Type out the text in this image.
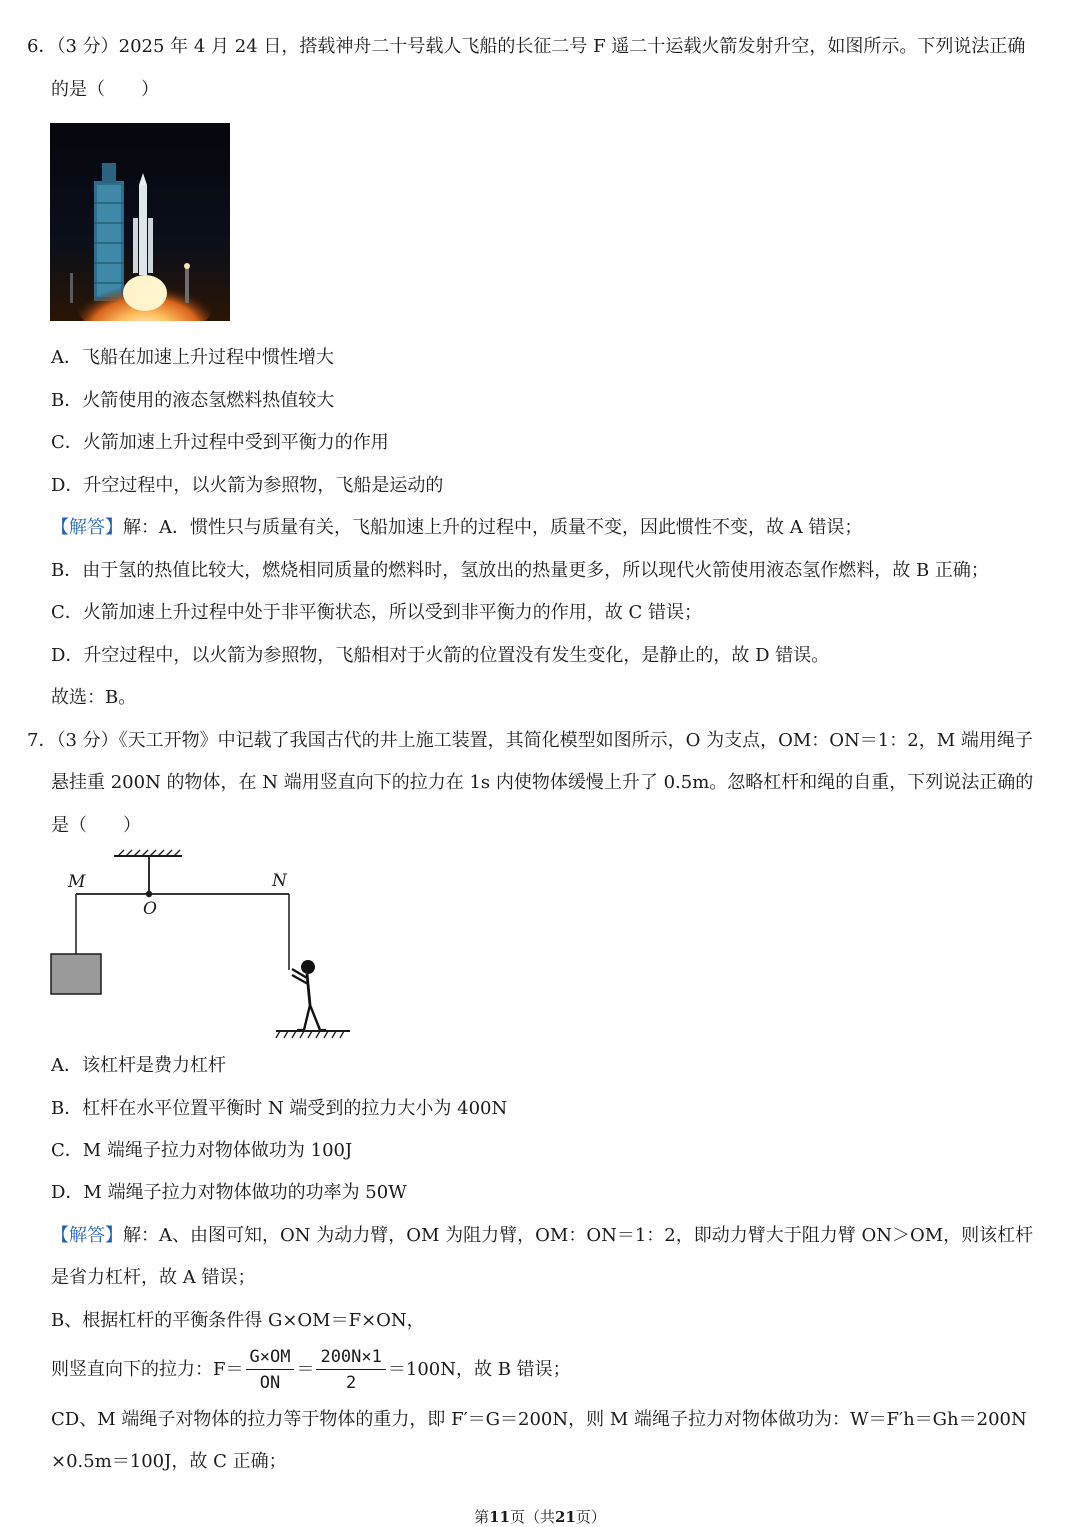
6．（3 分）2025 年 4 月 24 日，搭载神舟二十号载人飞船的长征二号 F 遥二十运载火箭发射升空，如图所示。下列说法正确
的是（　　）
A．飞船在加速上升过程中惯性增大
B．火箭使用的液态氢燃料热值较大
C．火箭加速上升过程中受到平衡力的作用
D．升空过程中，以火箭为参照物，飞船是运动的
【解答】解：A．惯性只与质量有关，飞船加速上升的过程中，质量不变，因此惯性不变，故 A 错误；
B．由于氢的热值比较大，燃烧相同质量的燃料时，氢放出的热量更多，所以现代火箭使用液态氢作燃料，故 B 正确；
C．火箭加速上升过程中处于非平衡状态，所以受到非平衡力的作用，故 C 错误；
D．升空过程中，以火箭为参照物，飞船相对于火箭的位置没有发生变化，是静止的，故 D 错误。
故选：B。
7．（3 分）《天工开物》中记载了我国古代的井上施工装置，其简化模型如图所示，O 为支点，OM：ON＝1：2，M 端用绳子
悬挂重 200N 的物体，在 N 端用竖直向下的拉力在 1s 内使物体缓慢上升了 0.5m。忽略杠杆和绳的自重，下列说法正确的
是（　　）
M
O
N
A．该杠杆是费力杠杆
B．杠杆在水平位置平衡时 N 端受到的拉力大小为 400N
C．M 端绳子拉力对物体做功为 100J
D．M 端绳子拉力对物体做功的功率为 50W
【解答】解：A、由图可知，ON 为动力臂，OM 为阻力臂，OM：ON＝1：2，即动力臂大于阻力臂 ON＞OM，则该杠杆
是省力杠杆，故 A 错误；
B、根据杠杆的平衡条件得 G×OM＝F×ON，
则竖直向下的拉力：$F= \frac{G\times OM}{ON} = \frac{200N\times 1}{2} =100N$，故 B 错误；
CD、M 端绳子对物体的拉力等于物体的重力，即 F′＝G＝200N，则 M 端绳子拉力对物体做功为：W＝F′h＝Gh＝200N
×0.5m＝100J，故 C 正确；
第11页（共21页）
